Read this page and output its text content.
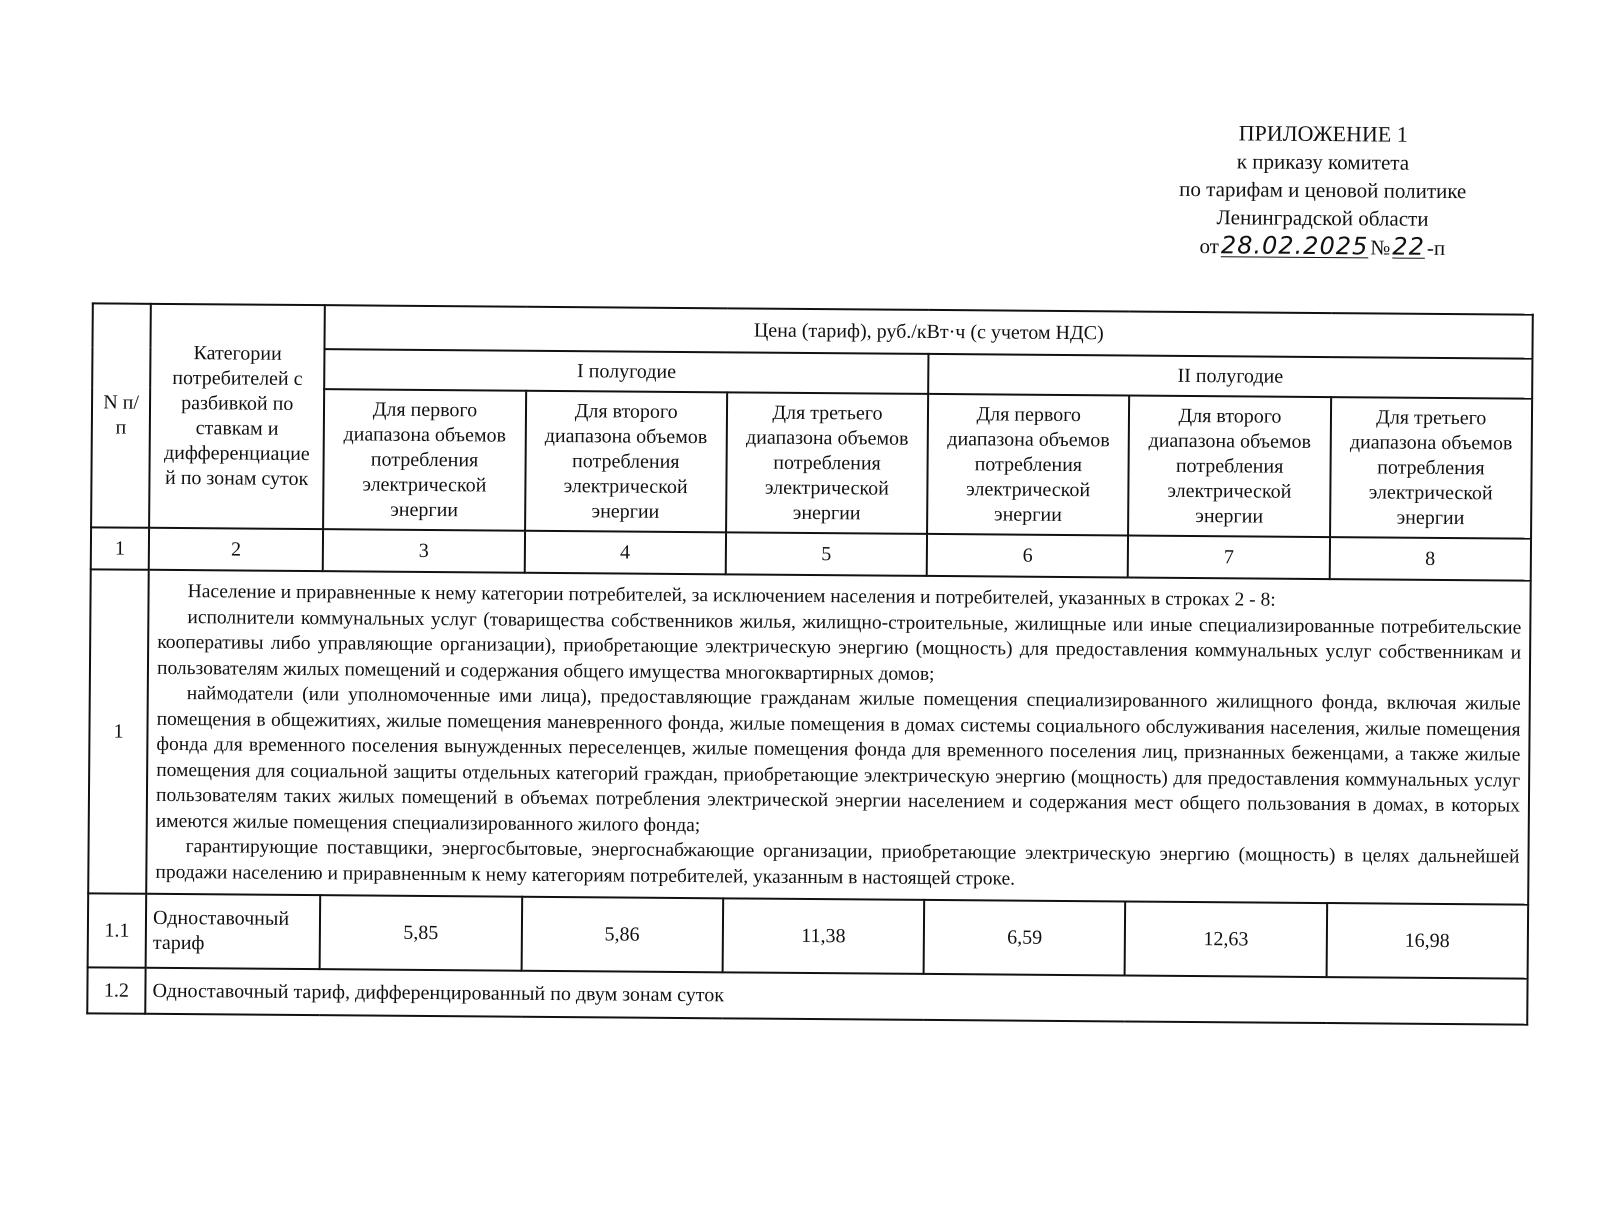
ПРИЛОЖЕНИЕ 1
к приказу комитета
по тарифам и ценовой политике
Ленинградской области
от 28.02.2025 № 22 -п
N п/п	Категории потребителей с разбивкой по ставкам и дифференциацие й по зонам суток	Цена (тариф), руб./кВт·ч (с учетом НДС)					
		I полугодие			II полугодие		
		Для первого диапазона объемов потребления электрической энергии	Для второго диапазона объемов потребления электрической энергии	Для третьего диапазона объемов потребления электрической энергии	Для первого диапазона объемов потребления электрической энергии	Для второго диапазона объемов потребления электрической энергии	Для третьего диапазона объемов потребления электрической энергии
1	2	3	4	5	6	7	8
1	Население и приравненные к нему категории потребителей, за исключением населения и потребителей, указанных в строках 2 - 8:

исполнители коммунальных услуг (товарищества собственников жилья, жилищно-строительные, жилищные или иные специализированные потребительские кооперативы либо управляющие организации), приобретающие электрическую энергию (мощность) для предоставления коммунальных услуг собственникам и пользователям жилых помещений и содержания общего имущества многоквартирных домов;

наймодатели (или уполномоченные ими лица), предоставляющие гражданам жилые помещения специализированного жилищного фонда, включая жилые помещения в общежитиях, жилые помещения маневренного фонда, жилые помещения в домах системы социального обслуживания населения, жилые помещения фонда для временного поселения вынужденных переселенцев, жилые помещения фонда для временного поселения лиц, признанных беженцами, а также жилые помещения для социальной защиты отдельных категорий граждан, приобретающие электрическую энергию (мощность) для предоставления коммунальных услуг пользователям таких жилых помещений в объемах потребления электрической энергии населением и содержания мест общего пользования в домах, в которых имеются жилые помещения специализированного жилого фонда;

гарантирующие поставщики, энергосбытовые, энергоснабжающие организации, приобретающие электрическую энергию (мощность) в целях дальнейшей продажи населению и приравненным к нему категориям потребителей, указанным в настоящей строке.						

1.1	Одноставочный тариф	5,85	5,86	11,38	6,59	12,63	16,98
1.2	Одноставочный тариф, дифференцированный по двум зонам суток						
